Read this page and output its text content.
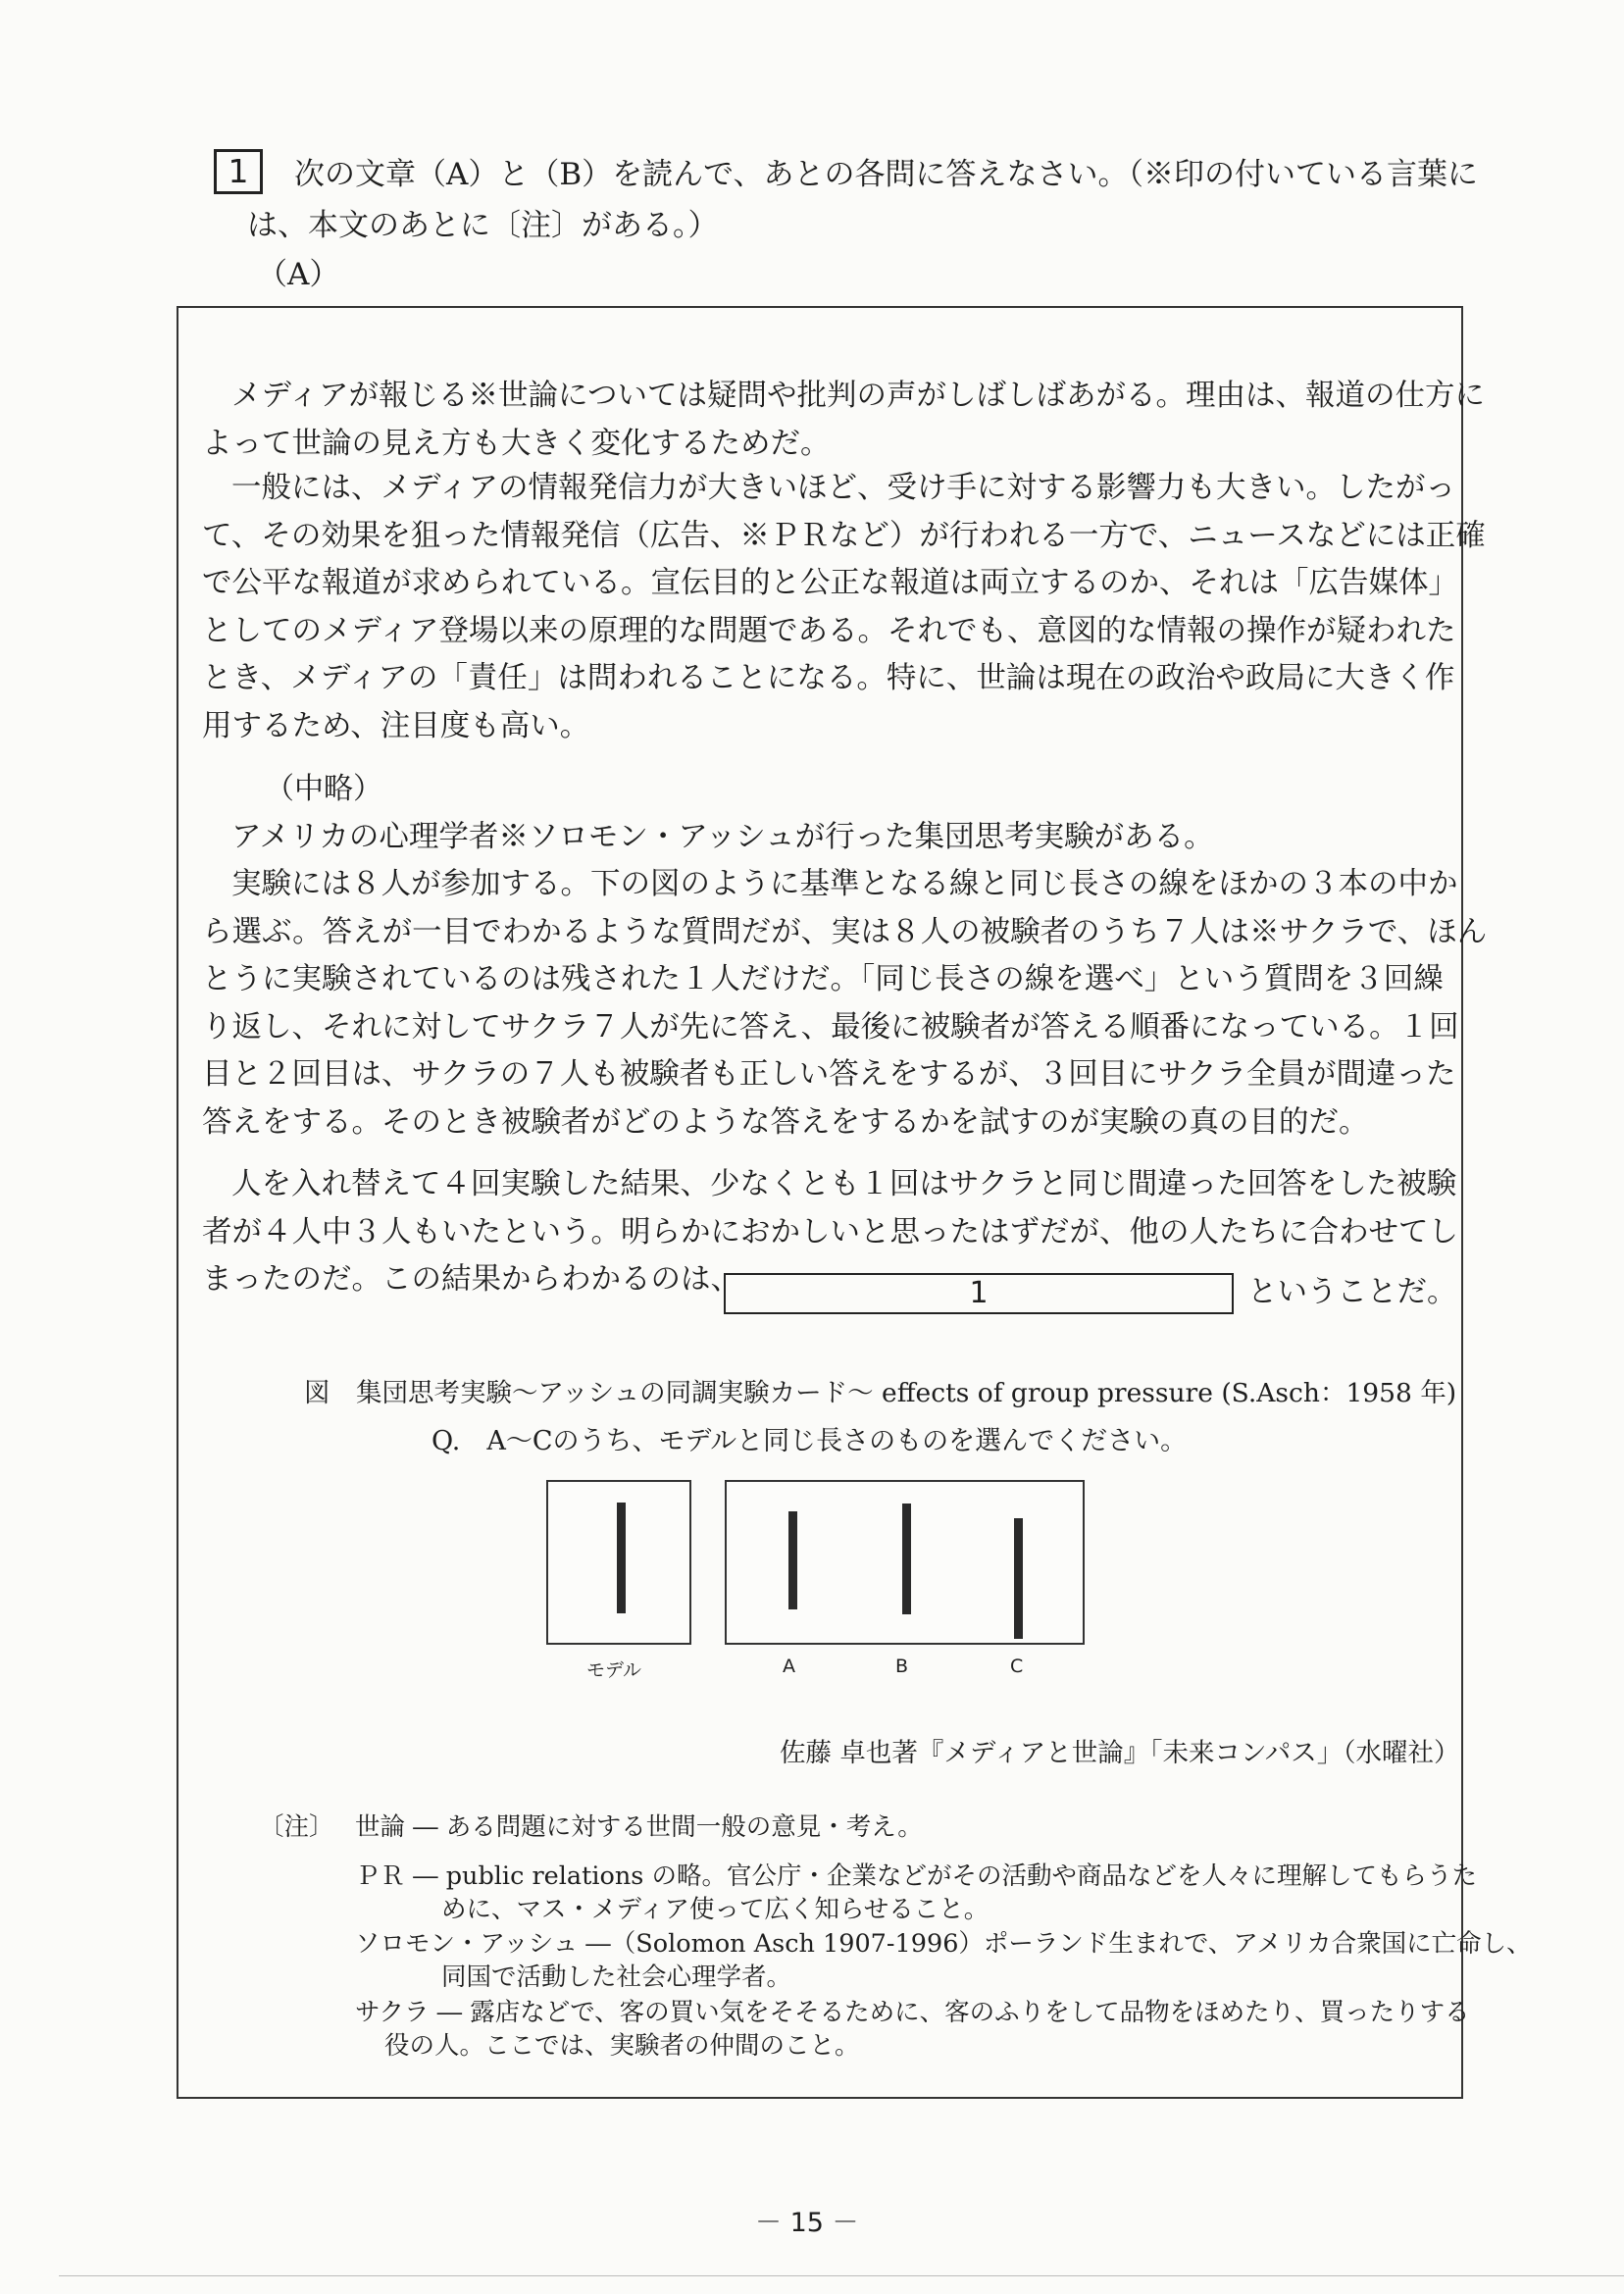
1	次の文章（A）と（B）を読んで、あとの各問に答えなさい。（※印の付いている言葉に
は、本文のあとに〔注〕がある。）
（A）
メディアが報じる※世論については疑問や批判の声がしばしばあがる。理由は、報道の仕方に
よって世論の見え方も大きく変化するためだ。
一般には、メディアの情報発信力が大きいほど、受け手に対する影響力も大きい。したがっ
て、その効果を狙った情報発信（広告、※ＰＲなど）が行われる一方で、ニュースなどには正確
で公平な報道が求められている。宣伝目的と公正な報道は両立するのか、それは「広告媒体」
としてのメディア登場以来の原理的な問題である。それでも、意図的な情報の操作が疑われた
とき、メディアの「責任」は問われることになる。特に、世論は現在の政治や政局に大きく作
用するため、注目度も高い。
（中略）
アメリカの心理学者※ソロモン・アッシュが行った集団思考実験がある。
実験には８人が参加する。下の図のように基準となる線と同じ長さの線をほかの３本の中か
ら選ぶ。答えが一目でわかるような質問だが、実は８人の被験者のうち７人は※サクラで、ほん
とうに実験されているのは残された１人だけだ。「同じ長さの線を選べ」という質問を３回繰
り返し、それに対してサクラ７人が先に答え、最後に被験者が答える順番になっている。１回
目と２回目は、サクラの７人も被験者も正しい答えをするが、３回目にサクラ全員が間違った
答えをする。そのとき被験者がどのような答えをするかを試すのが実験の真の目的だ。
人を入れ替えて４回実験した結果、少なくとも１回はサクラと同じ間違った回答をした被験
者が４人中３人もいたという。明らかにおかしいと思ったはずだが、他の人たちに合わせてし
まったのだ。この結果からわかるのは、	1	ということだ。
図　集団思考実験～アッシュの同調実験カード～ effects of group pressure (S.Asch：1958 年)
Q.　A～Cのうち、モデルと同じ長さのものを選んでください。
モデル	A	B	C
佐藤 卓也著『メディアと世論』「未来コンパス」（水曜社）
〔注〕 世論 ― ある問題に対する世間一般の意見・考え。
ＰＲ ― public relations の略。官公庁・企業などがその活動や商品などを人々に理解してもらうた
めに、マス・メディア使って広く知らせること。
ソロモン・アッシュ ―（Solomon Asch 1907-1996）ポーランド生まれで、アメリカ合衆国に亡命し、
同国で活動した社会心理学者。
サクラ ― 露店などで、客の買い気をそそるために、客のふりをして品物をほめたり、買ったりする
役の人。ここでは、実験者の仲間のこと。
－ 15 －
